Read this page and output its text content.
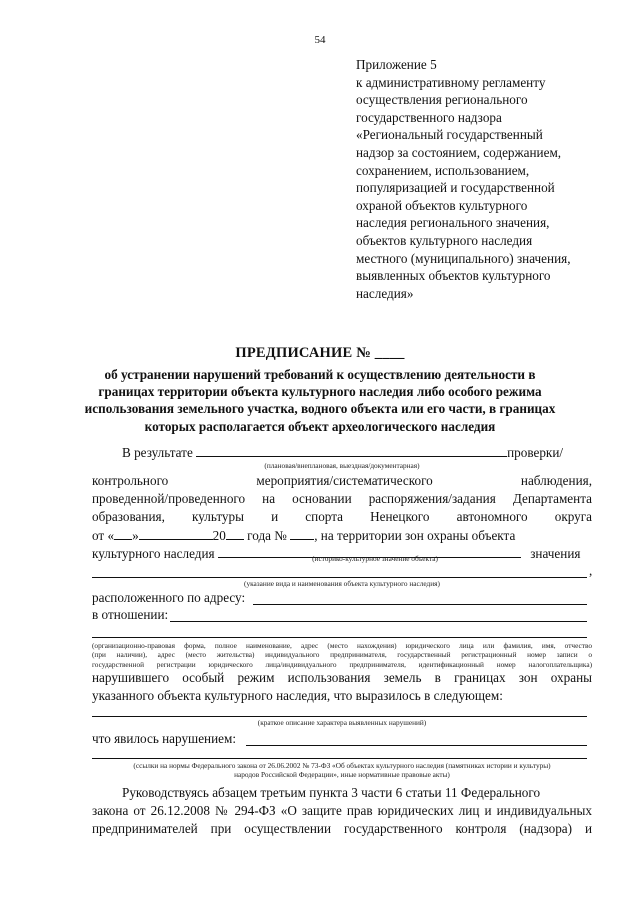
54
Приложение 5
к административному регламенту
осуществления регионального
государственного надзора
«Региональный государственный
надзор за состоянием, содержанием,
сохранением, использованием,
популяризацией и государственной
охраной объектов культурного
наследия регионального значения,
объектов культурного наследия
местного (муниципального) значения,
выявленных объектов культурного
наследия»
ПРЕДПИСАНИЕ № ____
об устранении нарушений требований к осуществлению деятельности в
границах территории объекта культурного наследия либо особого режима
использования земельного участка, водного объекта или его части, в границах
которых располагается объект археологического наследия
В результате	проверки/
(плановая/внеплановая, выездная/документарная)
контрольного	мероприятия/систематического	наблюдения,
проведенной/проведенного на основании распоряжения/задания Департамента
образования, культуры и спорта Ненецкого автономного округа
от « »	20 года № , на территории зон охраны объекта
культурного наследия	значения
(историко-культурное значение объекта)
,
(указание вида и наименования объекта культурного наследия)
расположенного по адресу:
в отношении:
(организационно-правовая форма, полное наименование, адрес (место нахождения) юридического лица или фамилия, имя, отчество
(при наличии), адрес (место жительства) индивидуального предпринимателя, государственный регистрационный номер записи о
государственной регистрации юридического лица/индивидуального предпринимателя, идентификационный номер налогоплательщика)
нарушившего особый режим использования земель в границах зон охраны
указанного объекта культурного наследия, что выразилось в следующем:
(краткое описание характера выявленных нарушений)
что явилось нарушением:
(ссылки на нормы Федерального закона от 26.06.2002 № 73-ФЗ «Об объектах культурного наследия (памятниках истории и культуры)
народов Российской Федерации», иные нормативные правовые акты)
Руководствуясь абзацем третьим пункта 3 части 6 статьи 11 Федерального
закона от 26.12.2008 № 294-ФЗ «О защите прав юридических лиц и индивидуальных
предпринимателей при осуществлении государственного контроля (надзора) и
